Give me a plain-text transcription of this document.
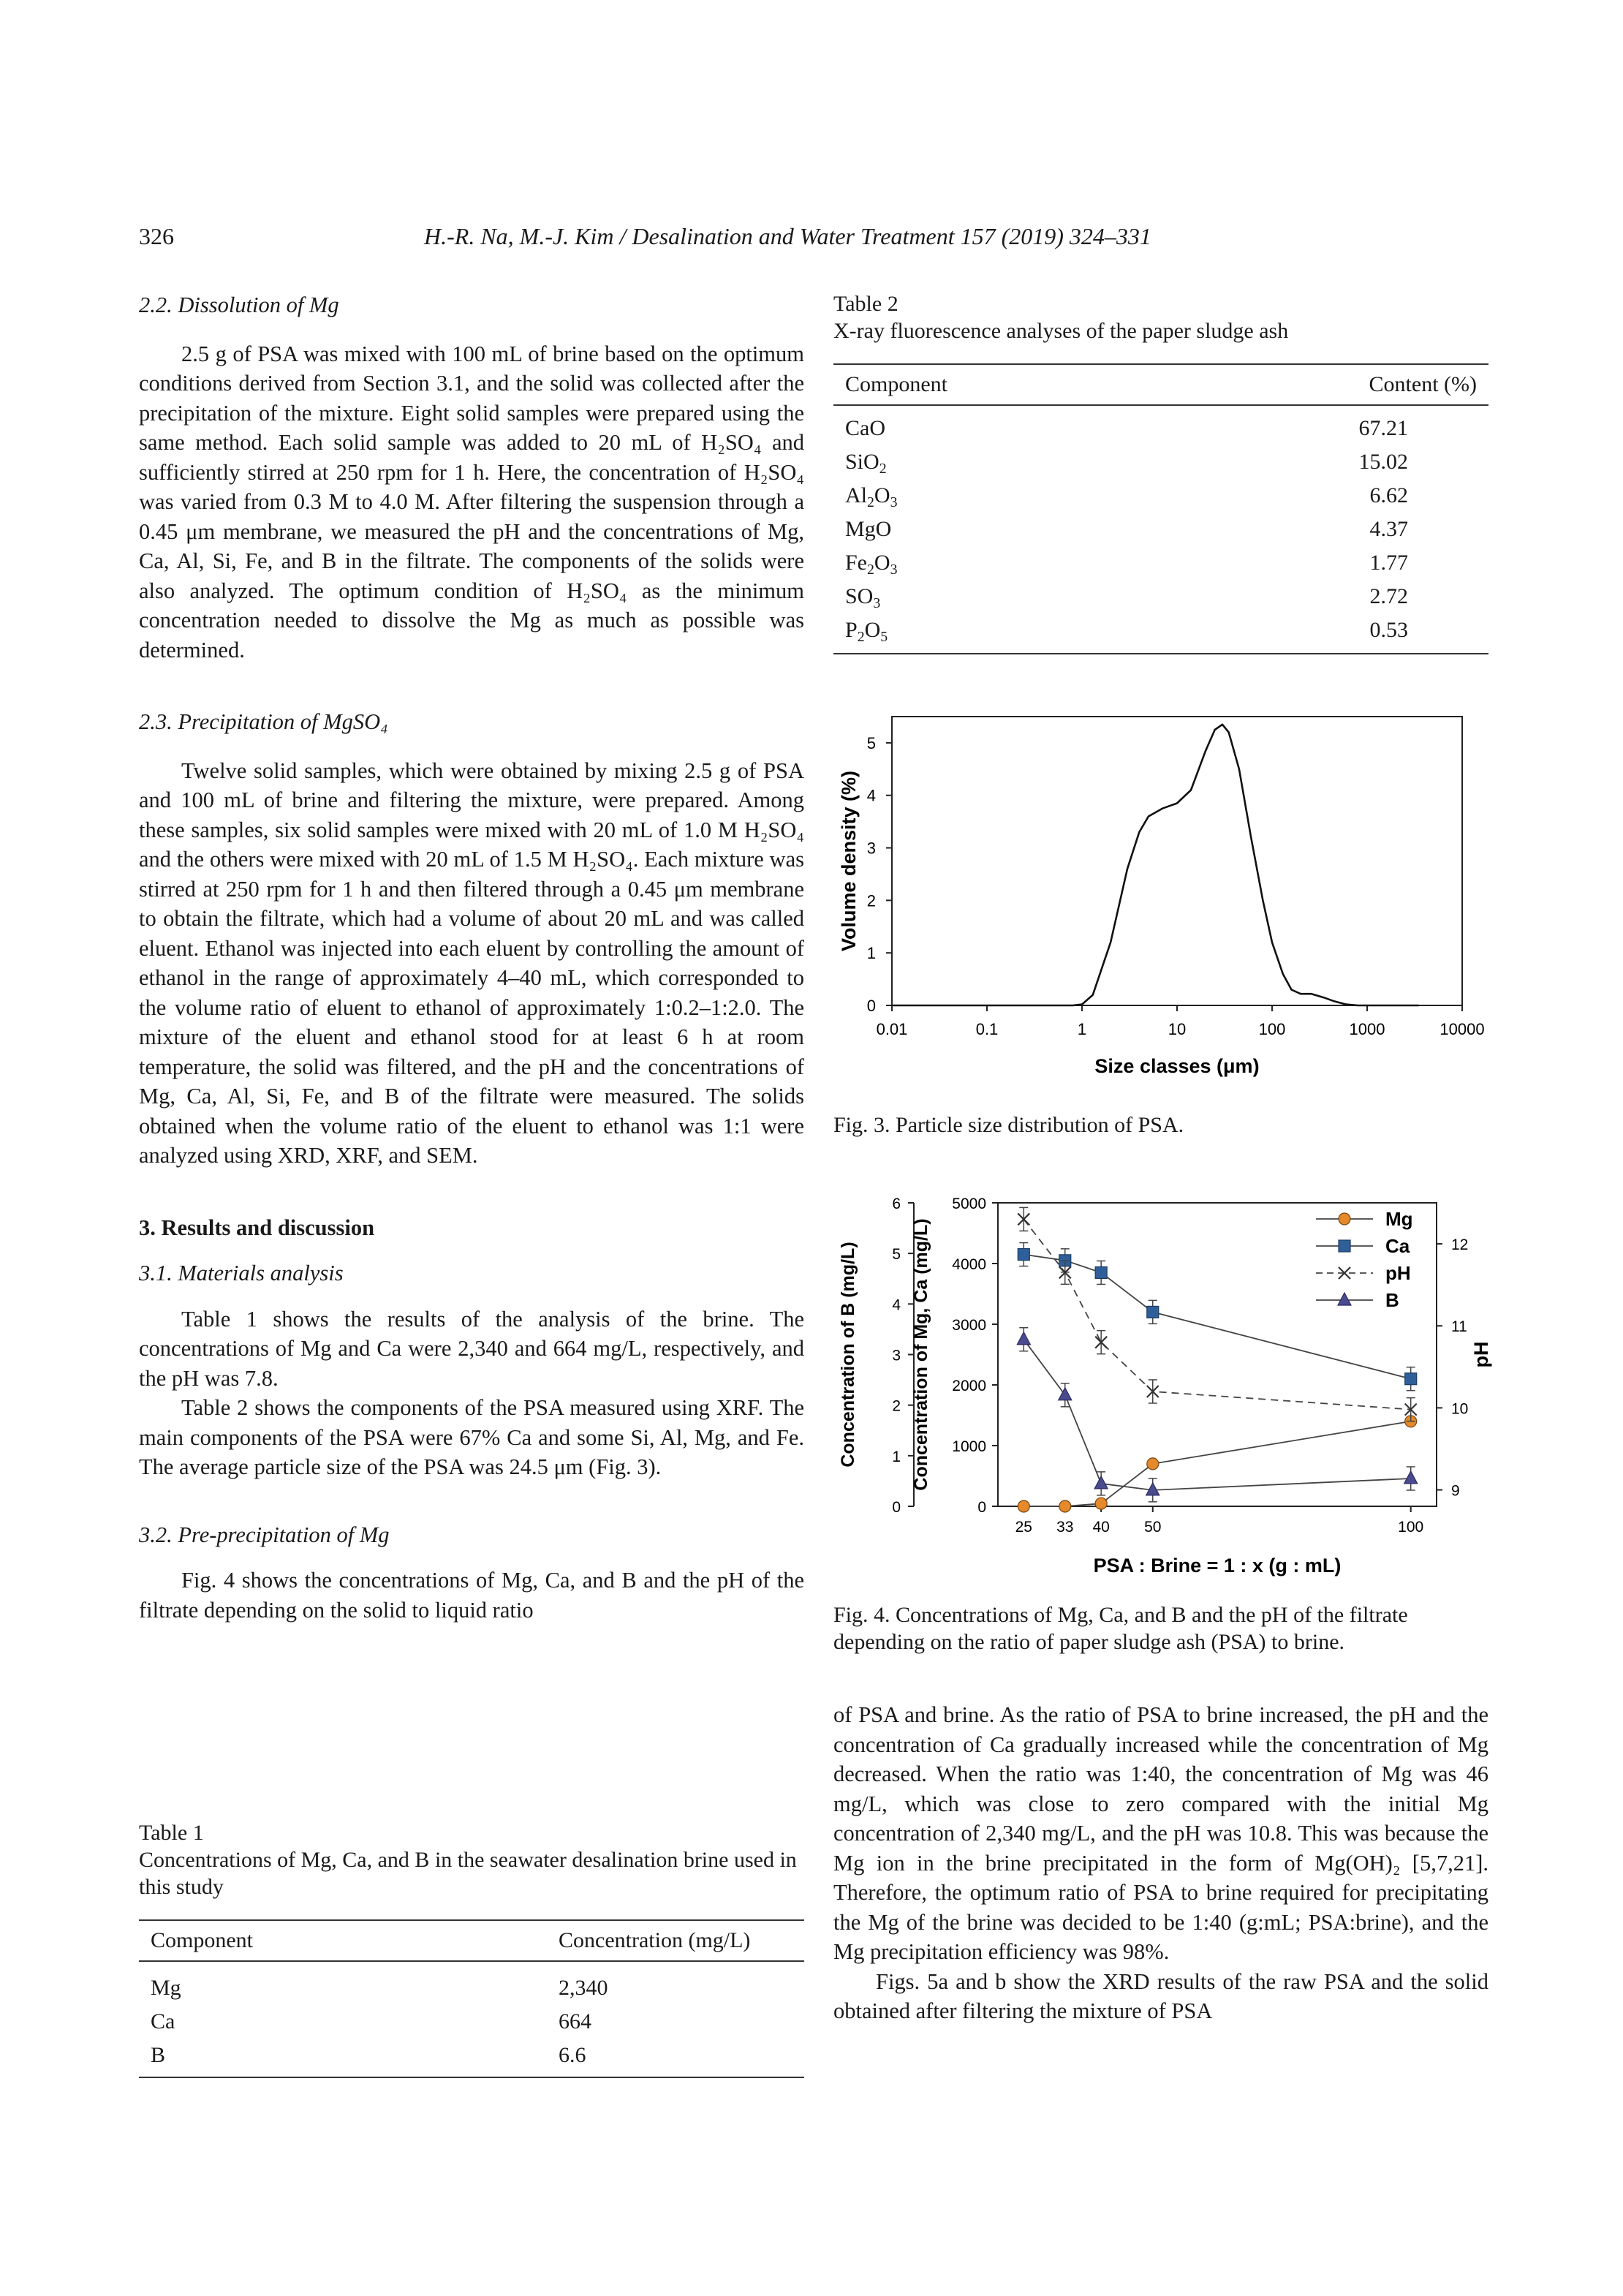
326	H.-R. Na, M.-J. Kim / Desalination and Water Treatment 157 (2019) 324–331
2.2. Dissolution of Mg

2.5 g of PSA was mixed with 100 mL of brine based on the optimum conditions derived from Section 3.1, and the solid was collected after the precipitation of the mixture. Eight solid samples were prepared using the same method. Each solid sample was added to 20 mL of H₂SO₄ and sufficiently stirred at 250 rpm for 1 h. Here, the concentration of H₂SO₄ was varied from 0.3 M to 4.0 M. After filtering the suspension through a 0.45 μm membrane, we measured the pH and the concentrations of Mg, Ca, Al, Si, Fe, and B in the filtrate. The components of the solids were also analyzed. The optimum condition of H₂SO₄ as the minimum concentration needed to dissolve the Mg as much as possible was determined.

2.3. Precipitation of MgSO₄

Twelve solid samples, which were obtained by mixing 2.5 g of PSA and 100 mL of brine and filtering the mixture, were prepared. Among these samples, six solid samples were mixed with 20 mL of 1.0 M H₂SO₄ and the others were mixed with 20 mL of 1.5 M H₂SO₄. Each mixture was stirred at 250 rpm for 1 h and then filtered through a 0.45 μm membrane to obtain the filtrate, which had a volume of about 20 mL and was called eluent. Ethanol was injected into each eluent by controlling the amount of ethanol in the range of approximately 4–40 mL, which corresponded to the volume ratio of eluent to ethanol of approximately 1:0.2–1:2.0. The mixture of the eluent and ethanol stood for at least 6 h at room temperature, the solid was filtered, and the pH and the concentrations of Mg, Ca, Al, Si, Fe, and B of the filtrate were measured. The solids obtained when the volume ratio of the eluent to ethanol was 1:1 were analyzed using XRD, XRF, and SEM.

3. Results and discussion
3.1. Materials analysis

Table 1 shows the results of the analysis of the brine. The concentrations of Mg and Ca were 2,340 and 664 mg/L, respectively, and the pH was 7.8.

Table 2 shows the components of the PSA measured using XRF. The main components of the PSA were 67% Ca and some Si, Al, Mg, and Fe. The average particle size of the PSA was 24.5 μm (Fig. 3).

3.2. Pre-precipitation of Mg

Fig. 4 shows the concentrations of Mg, Ca, and B and the pH of the filtrate depending on the solid to liquid ratio

Table 1
Concentrations of Mg, Ca, and B in the seawater desalination brine used in this study
Component	Concentration (mg/L)

Mg	2,340
Ca	664
B	6.6
Table 2
X-ray fluorescence analyses of the paper sludge ash
Component	Content (%)

CaO	67.21
SiO$_2$	15.02
$Al_2O_3$	6.62
MgO	4.37
$Fe_2O_3$	1.77
$SO_3$	2.72
$P_2O_5$	0.53
0.01	0.1	1	10	100	1000	10000
0
1
2
3
4
5
Size classes (μm)
Volume density (%)
Fig. 3. Particle size distribution of PSA.
0
1
2
3
4
5
6
0
1000
2000
3000
4000
5000
9
10
11
12
25 33 40 50	100
PSA : Brine = 1 : x (g : mL)
Concentration of B (mg/L)	Concentration of Mg, Ca (mg/L)	pH
Mg
Ca
pH
B
Fig. 4. Concentrations of Mg, Ca, and B and the pH of the filtrate depending on the ratio of paper sludge ash (PSA) to brine.

of PSA and brine. As the ratio of PSA to brine increased, the pH and the concentration of Ca gradually increased while the concentration of Mg decreased. When the ratio was 1:40, the concentration of Mg was 46 mg/L, which was close to zero compared with the initial Mg concentration of 2,340 mg/L, and the pH was 10.8. This was because the Mg ion in the brine precipitated in the form of Mg(OH)₂ [5,7,21]. Therefore, the optimum ratio of PSA to brine required for precipitating the Mg of the brine was decided to be 1:40 (g:mL; PSA:brine), and the Mg precipitation efficiency was 98%.

Figs. 5a and b show the XRD results of the raw PSA and the solid obtained after filtering the mixture of PSA
